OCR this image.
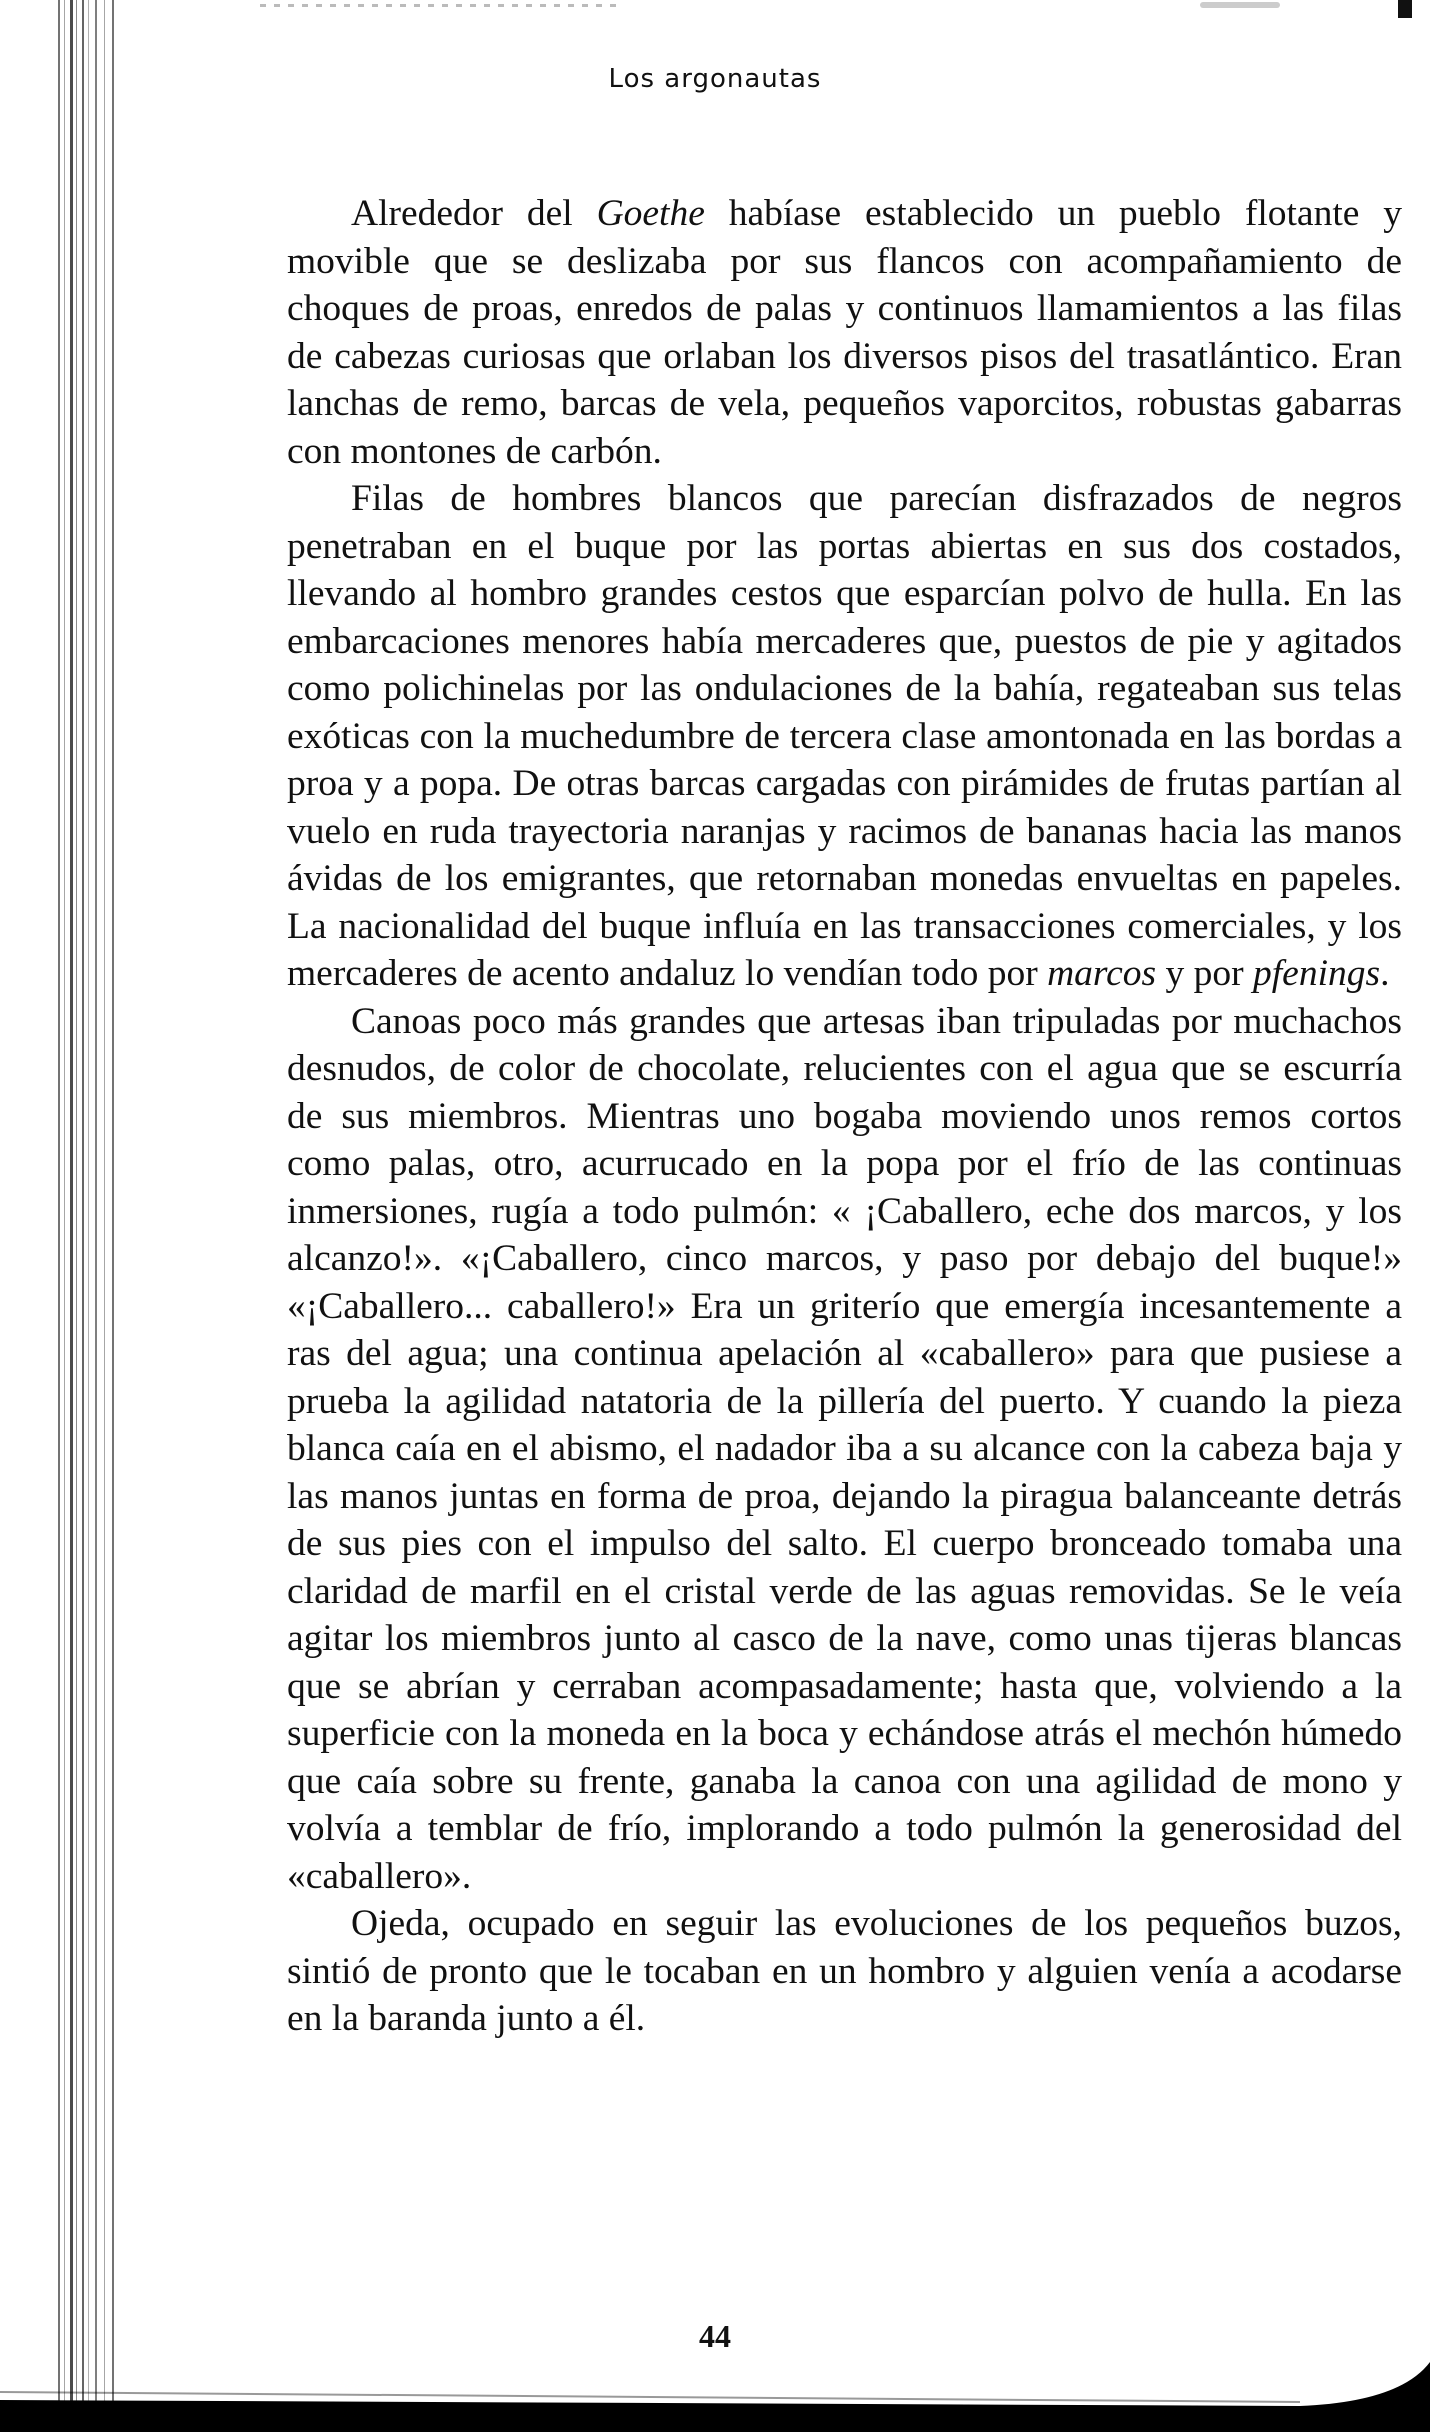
Los argonautas

Alrededor del Goethe habíase establecido un pueblo flotante y movible que se deslizaba por sus flancos con acompañamiento de choques de proas, enredos de palas y continuos llamamientos a las filas de cabezas curiosas que orlaban los diversos pisos del trasatlántico. Eran lanchas de remo, barcas de vela, pequeños vaporcitos, robustas gabarras con montones de carbón.

Filas de hombres blancos que parecían disfrazados de negros penetraban en el buque por las portas abiertas en sus dos costados, llevando al hombro grandes cestos que esparcían polvo de hulla. En las embarcaciones menores había mercaderes que, puestos de pie y agitados como polichinelas por las ondulaciones de la bahía, regateaban sus telas exóticas con la muchedumbre de tercera clase amontonada en las bordas a proa y a popa. De otras barcas cargadas con pirámides de frutas partían al vuelo en ruda trayectoria naranjas y racimos de bananas hacia las manos ávidas de los emigrantes, que retornaban monedas envueltas en papeles. La nacionalidad del buque influía en las transacciones comerciales, y los mercaderes de acento andaluz lo vendían todo por marcos y por pfenings.

Canoas poco más grandes que artesas iban tripuladas por muchachos desnudos, de color de chocolate, relucientes con el agua que se escurría de sus miembros. Mientras uno bogaba moviendo unos remos cortos como palas, otro, acurrucado en la popa por el frío de las continuas inmersiones, rugía a todo pulmón: « ¡Caballero, eche dos marcos, y los alcanzo!». «¡Caballero, cinco marcos, y paso por debajo del buque!» «¡Caballero... caballero!» Era un griterío que emergía incesantemente a ras del agua; una continua apelación al «caballero» para que pusiese a prueba la agilidad natatoria de la pillería del puerto. Y cuando la pieza blanca caía en el abismo, el nadador iba a su alcance con la cabeza baja y las manos juntas en forma de proa, dejando la piragua balanceante detrás de sus pies con el impulso del salto. El cuerpo bronceado tomaba una claridad de marfil en el cristal verde de las aguas removidas. Se le veía agitar los miembros junto al casco de la nave, como unas tijeras blancas que se abrían y cerraban acompasadamente; hasta que, volviendo a la superficie con la moneda en la boca y echándose atrás el mechón húmedo que caía sobre su frente, ganaba la canoa con una agilidad de mono y volvía a temblar de frío, implorando a todo pulmón la generosidad del «caballero».

Ojeda, ocupado en seguir las evoluciones de los pequeños buzos, sintió de pronto que le tocaban en un hombro y alguien venía a acodarse en la baranda junto a él.

44
